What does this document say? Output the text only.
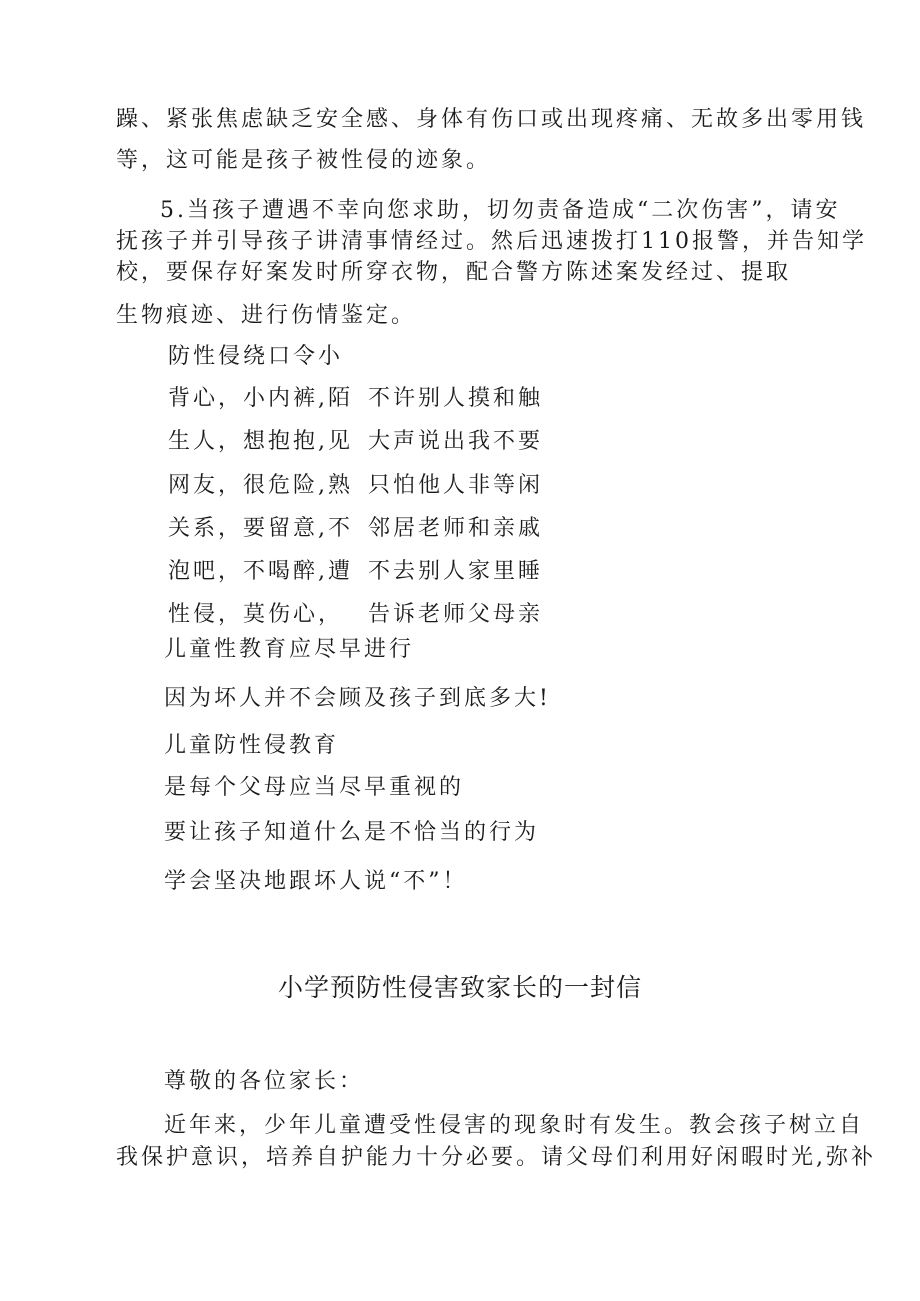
躁、紧张焦虑缺乏安全感、身体有伤口或出现疼痛、无故多出零用钱
等，这可能是孩子被性侵的迹象。
5.当孩子遭遇不幸向您求助，切勿责备造成“二次伤害”，请安
抚孩子并引导孩子讲清事情经过。然后迅速拨打110报警，并告知学
校，要保存好案发时所穿衣物，配合警方陈述案发经过、提取
生物痕迹、进行伤情鉴定。
防性侵绕口令小
背心，小内裤,陌 不许别人摸和触
生人，想抱抱,见 大声说出我不要
网友，很危险,熟 只怕他人非等闲
关系，要留意,不 邻居老师和亲戚
泡吧，不喝醉,遭 不去别人家里睡
性侵，莫伤心， 告诉老师父母亲
儿童性教育应尽早进行
因为坏人并不会顾及孩子到底多大!
儿童防性侵教育
是每个父母应当尽早重视的
要让孩子知道什么是不恰当的行为
学会坚决地跟坏人说“不”！
小学预防性侵害致家长的一封信
尊敬的各位家长：
近年来，少年儿童遭受性侵害的现象时有发生。教会孩子树立自
我保护意识，培养自护能力十分必要。请父母们利用好闲暇时光,弥补
